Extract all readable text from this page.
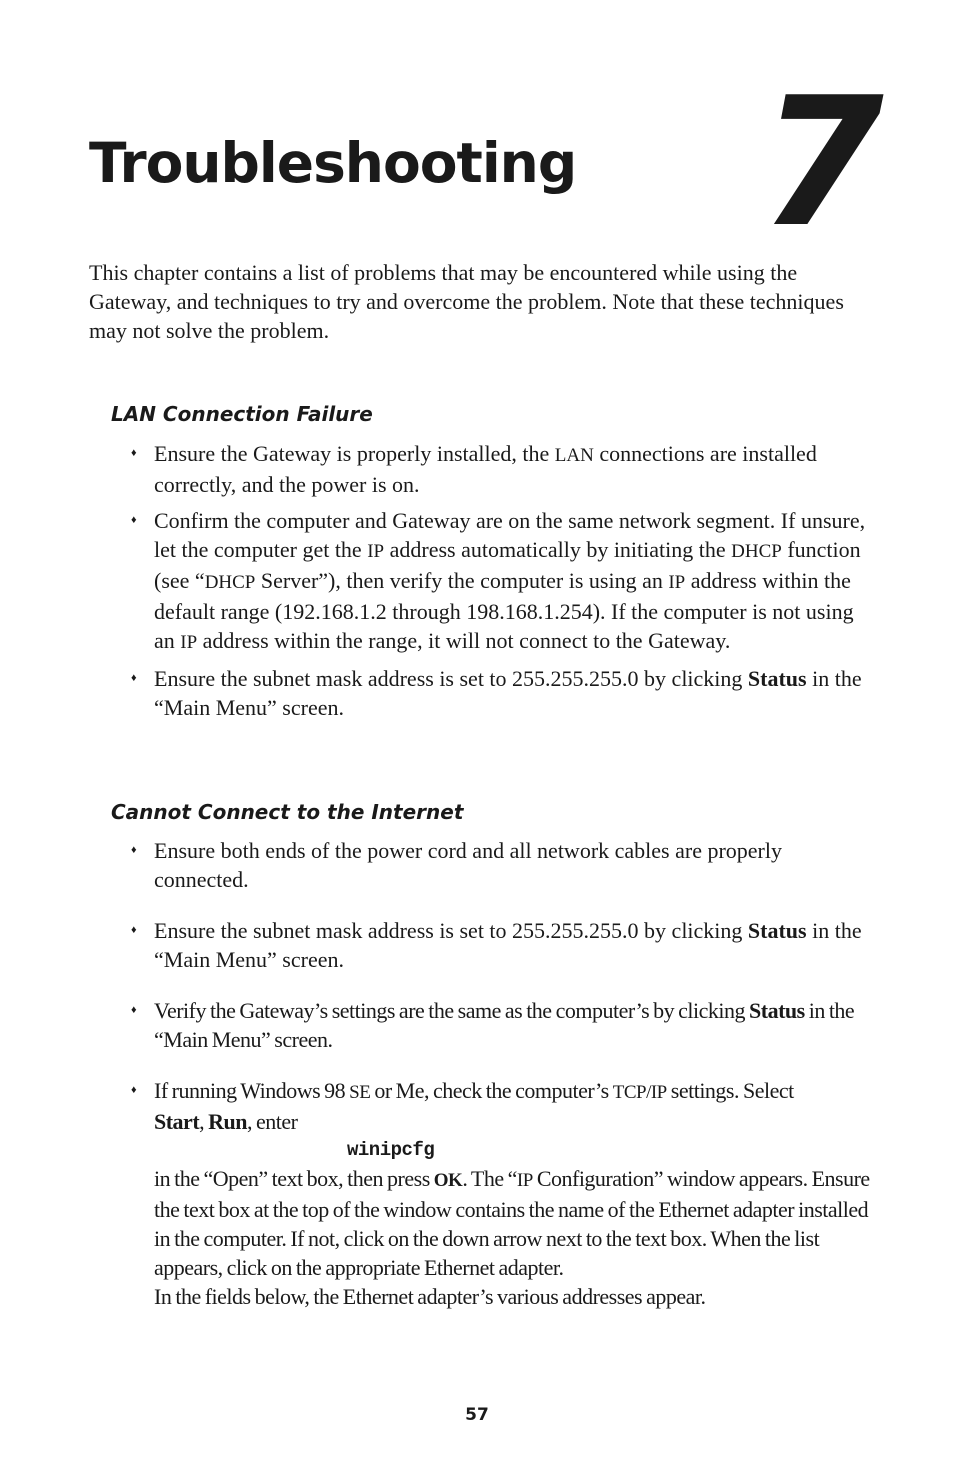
Troubleshooting 7

This chapter contains a list of problems that may be encountered while using the Gateway, and techniques to try and overcome the problem. Note that these techniques may not solve the problem.

LAN Connection Failure
♦ Ensure the Gateway is properly installed, the LAN connections are installed correctly, and the power is on.
♦ Confirm the computer and Gateway are on the same network segment. If unsure, let the computer get the IP address automatically by initiating the DHCP function (see “DHCP Server”), then verify the computer is using an IP address within the default range (192.168.1.2 through 198.168.1.254). If the computer is not using an IP address within the range, it will not connect to the Gateway.
♦ Ensure the subnet mask address is set to 255.255.255.0 by clicking Status in the “Main Menu” screen.
Cannot Connect to the Internet
♦ Ensure both ends of the power cord and all network cables are properly connected.
♦ Ensure the subnet mask address is set to 255.255.255.0 by clicking Status in the “Main Menu” screen.
♦ Verify the Gateway’s settings are the same as the computer’s by clicking Status in the “Main Menu” screen.
♦ If running Windows 98 SE or Me, check the computer’s TCP/IP settings. Select
Start, Run, enter
winipcfg
in the “Open” text box, then press OK. The “IP Configuration” window appears. Ensure the text box at the top of the window contains the name of the Ethernet adapter installed in the computer. If not, click on the down arrow next to the text box. When the list appears, click on the appropriate Ethernet adapter.
In the fields below, the Ethernet adapter’s various addresses appear.
57
